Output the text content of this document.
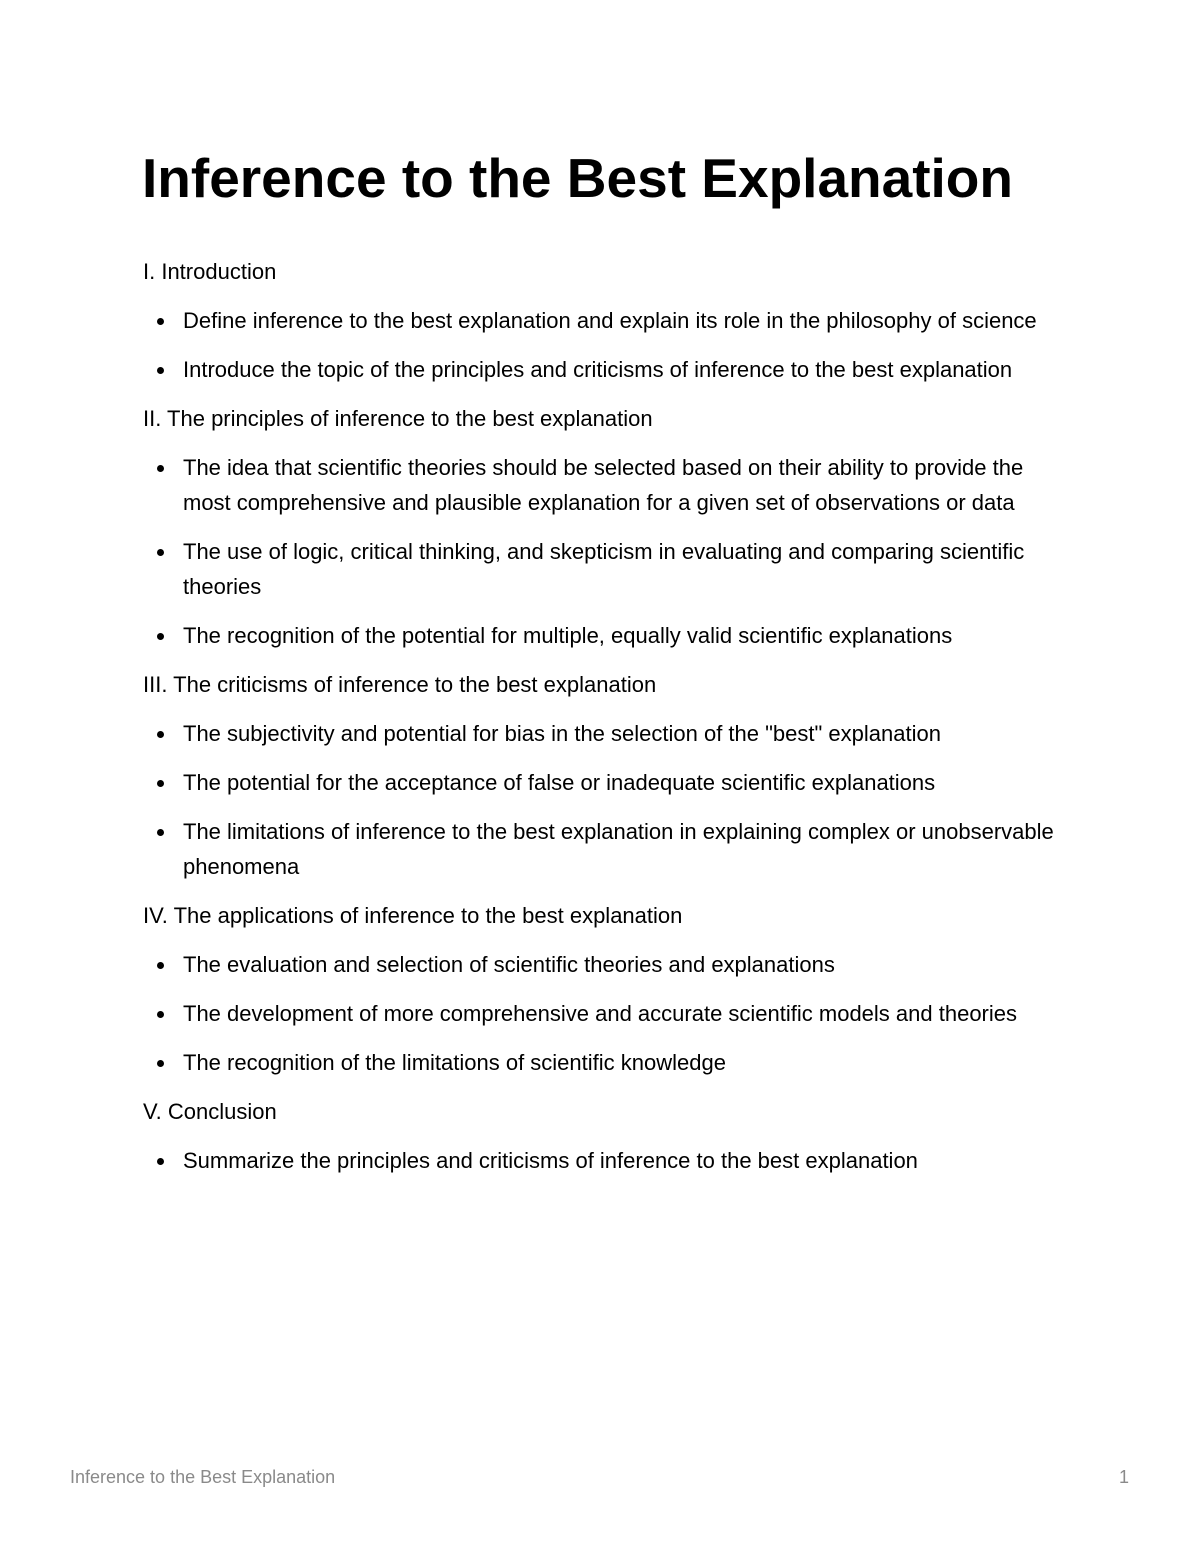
Inference to the Best Explanation

I. Introduction

Define inference to the best explanation and explain its role in the philosophy of science
Introduce the topic of the principles and criticisms of inference to the best explanation

II. The principles of inference to the best explanation

The idea that scientific theories should be selected based on their ability to provide the most comprehensive and plausible explanation for a given set of observations or data
The use of logic, critical thinking, and skepticism in evaluating and comparing scientific theories
The recognition of the potential for multiple, equally valid scientific explanations

III. The criticisms of inference to the best explanation

The subjectivity and potential for bias in the selection of the "best" explanation
The potential for the acceptance of false or inadequate scientific explanations
The limitations of inference to the best explanation in explaining complex or unobservable phenomena

IV. The applications of inference to the best explanation

The evaluation and selection of scientific theories and explanations
The development of more comprehensive and accurate scientific models and theories
The recognition of the limitations of scientific knowledge

V. Conclusion

Summarize the principles and criticisms of inference to the best explanation
Inference to the Best Explanation	1
